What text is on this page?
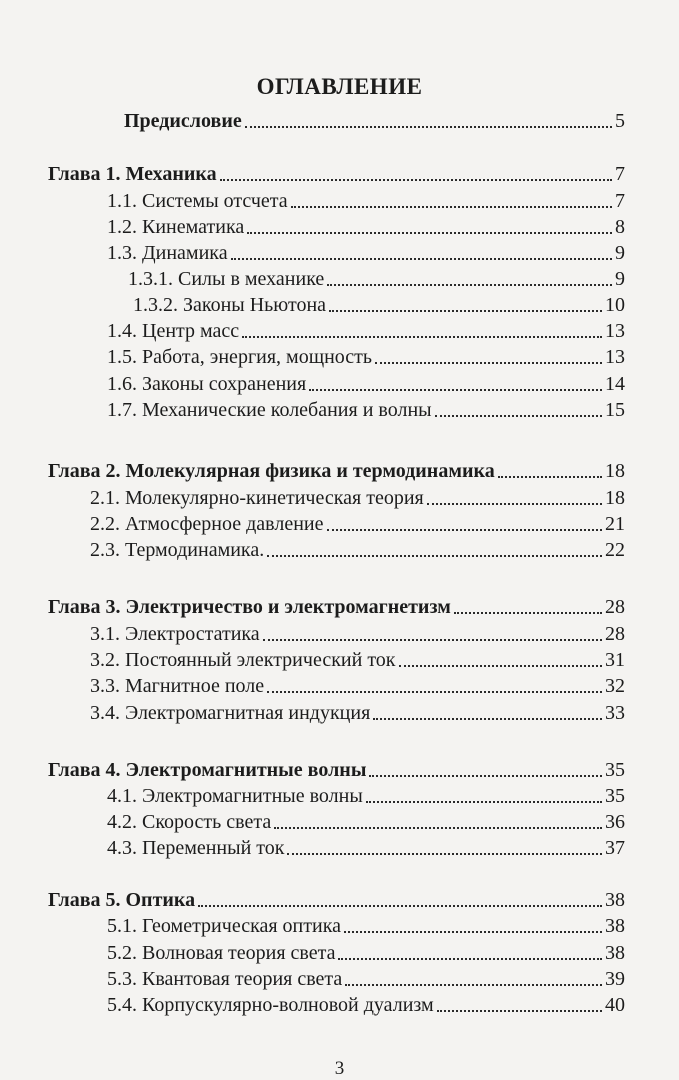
ОГЛАВЛЕНИЕ
Предисловие	5
Глава 1. Механика	7
1.1. Системы отсчета	7
1.2. Кинематика	8
1.3. Динамика	9
1.3.1. Силы в механике	9
1.3.2. Законы Ньютона	10
1.4. Центр масс	13
1.5. Работа, энергия, мощность	13
1.6. Законы сохранения	14
1.7. Механические колебания и волны	15
Глава 2. Молекулярная физика и термодинамика	18
2.1. Молекулярно-кинетическая теория	18
2.2. Атмосферное давление	21
2.3. Термодинамика.	22
Глава 3. Электричество и электромагнетизм	28
3.1. Электростатика	28
3.2. Постоянный электрический ток	31
3.3. Магнитное поле	32
3.4. Электромагнитная индукция	33
Глава 4. Электромагнитные волны	35
4.1. Электромагнитные волны	35
4.2. Скорость света	36
4.3. Переменный ток	37
Глава 5. Оптика	38
5.1. Геометрическая оптика	38
5.2. Волновая теория света	38
5.3. Квантовая теория света	39
5.4. Корпускулярно-волновой дуализм	40
3
